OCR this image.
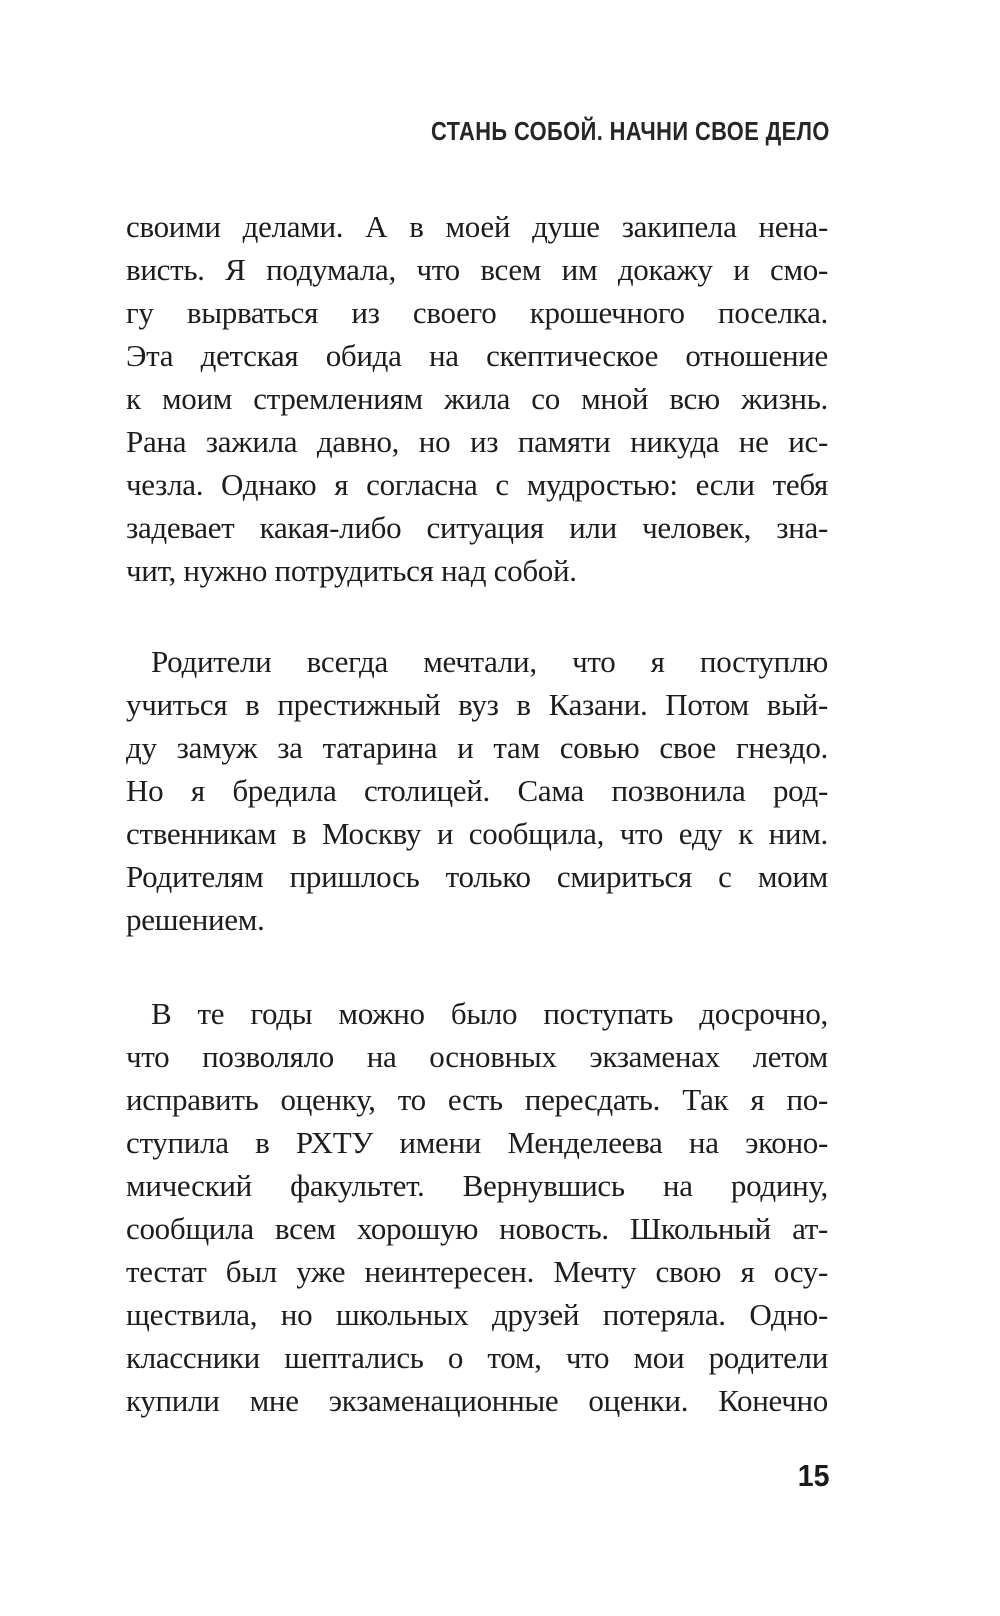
СТАНЬ СОБОЙ. НАЧНИ СВОЕ ДЕЛО
своими делами. А в моей душе закипела нена-
висть. Я подумала, что всем им докажу и смо-
гу вырваться из своего крошечного поселка.
Эта детская обида на скептическое отношение
к моим стремлениям жила со мной всю жизнь.
Рана зажила давно, но из памяти никуда не ис-
чезла. Однако я согласна с мудростью: если тебя
задевает какая-либо ситуация или человек, зна-
чит, нужно потрудиться над собой.
Родители всегда мечтали, что я поступлю
учиться в престижный вуз в Казани. Потом вый-
ду замуж за татарина и там совью свое гнездо.
Но я бредила столицей. Сама позвонила род-
ственникам в Москву и сообщила, что еду к ним.
Родителям пришлось только смириться с моим
решением.
В те годы можно было поступать досрочно,
что позволяло на основных экзаменах летом
исправить оценку, то есть пересдать. Так я по-
ступила в РХТУ имени Менделеева на эконо-
мический факультет. Вернувшись на родину,
сообщила всем хорошую новость. Школьный ат-
тестат был уже неинтересен. Мечту свою я осу-
ществила, но школьных друзей потеряла. Одно-
классники шептались о том, что мои родители
купили мне экзаменационные оценки. Конечно
15
